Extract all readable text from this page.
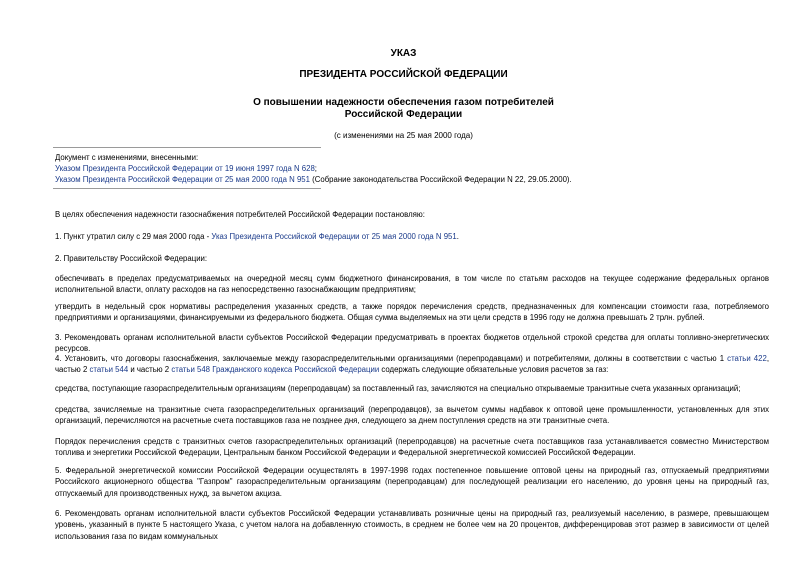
УКАЗ
ПРЕЗИДЕНТА РОССИЙСКОЙ ФЕДЕРАЦИИ
О повышении надежности обеспечения газом потребителей
Российской Федерации
(с изменениями на 25 мая 2000 года)
Документ с изменениями, внесенными:
Указом Президента Российской Федерации от 19 июня 1997 года N 628;
Указом Президента Российской Федерации от 25 мая 2000 года N 951 (Собрание законодательства Российской Федерации N 22, 29.05.2000).
В целях обеспечения надежности газоснабжения потребителей Российской Федерации постановляю:
1. Пункт утратил силу с 29 мая 2000 года - Указ Президента Российской Федерации от 25 мая 2000 года N 951.
2. Правительству Российской Федерации:
обеспечивать в пределах предусматриваемых на очередной месяц сумм бюджетного финансирования, в том числе по статьям расходов на текущее содержание федеральных органов исполнительной власти, оплату расходов на газ непосредственно газоснабжающим предприятиям;
утвердить в недельный срок нормативы распределения указанных средств, а также порядок перечисления средств, предназначенных для компенсации стоимости газа, потребляемого предприятиями и организациями, финансируемыми из федерального бюджета. Общая сумма выделяемых на эти цели средств в 1996 году не должна превышать 2 трлн. рублей.
3. Рекомендовать органам исполнительной власти субъектов Российской Федерации предусматривать в проектах бюджетов отдельной строкой средства для оплаты топливно-энергетических ресурсов.
4. Установить, что договоры газоснабжения, заключаемые между газораспределительными организациями (перепродавцами) и потребителями, должны в соответствии с частью 1 статьи 422, частью 2 статьи 544 и частью 2 статьи 548 Гражданского кодекса Российской Федерации содержать следующие обязательные условия расчетов за газ:
средства, поступающие газораспределительным организациям (перепродавцам) за поставленный газ, зачисляются на специально открываемые транзитные счета указанных организаций;
средства, зачисляемые на транзитные счета газораспределительных организаций (перепродавцов), за вычетом суммы надбавок к оптовой цене промышленности, установленных для этих организаций, перечисляются на расчетные счета поставщиков газа не позднее дня, следующего за днем поступления средств на эти транзитные счета.
Порядок перечисления средств с транзитных счетов газораспределительных организаций (перепродавцов) на расчетные счета поставщиков газа устанавливается совместно Министерством топлива и энергетики Российской Федерации, Центральным банком Российской Федерации и Федеральной энергетической комиссией Российской Федерации.
5. Федеральной энергетической комиссии Российской Федерации осуществлять в 1997-1998 годах постепенное повышение оптовой цены на природный газ, отпускаемый предприятиями Российского акционерного общества "Газпром" газораспределительным организациям (перепродавцам) для последующей реализации его населению, до уровня цены на природный газ, отпускаемый для производственных нужд, за вычетом акциза.
6. Рекомендовать органам исполнительной власти субъектов Российской Федерации устанавливать розничные цены на природный газ, реализуемый населению, в размере, превышающем уровень, указанный в пункте 5 настоящего Указа, с учетом налога на добавленную стоимость, в среднем не более чем на 20 процентов, дифференцировав этот размер в зависимости от целей использования газа по видам коммунальных
